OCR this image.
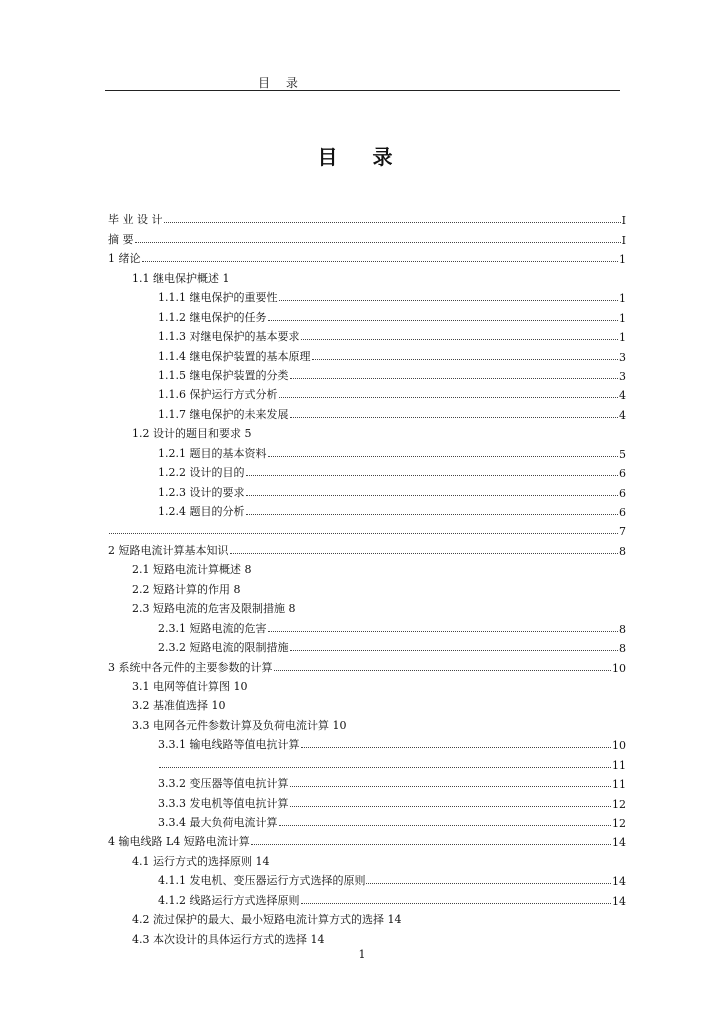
目 录
目 录
毕 业 设 计	I
摘 要	I
1 绪论	1
1.1 继电保护概述 1
1.1.1 继电保护的重要性	1
1.1.2 继电保护的任务	1
1.1.3 对继电保护的基本要求	1
1.1.4 继电保护装置的基本原理	3
1.1.5 继电保护装置的分类	3
1.1.6 保护运行方式分析	4
1.1.7 继电保护的未来发展	4
1.2 设计的题目和要求 5
1.2.1 题目的基本资料	5
1.2.2 设计的目的	6
1.2.3 设计的要求	6
1.2.4 题目的分析	6
7
2 短路电流计算基本知识	8
2.1 短路电流计算概述 8
2.2 短路计算的作用 8
2.3 短路电流的危害及限制措施 8
2.3.1 短路电流的危害	8
2.3.2 短路电流的限制措施	8
3 系统中各元件的主要参数的计算	10
3.1 电网等值计算图 10
3.2 基准值选择 10
3.3 电网各元件参数计算及负荷电流计算 10
3.3.1 输电线路等值电抗计算	10
11
3.3.2 变压器等值电抗计算	11
3.3.3 发电机等值电抗计算	12
3.3.4 最大负荷电流计算	12
4 输电线路 L4 短路电流计算	14
4.1 运行方式的选择原则 14
4.1.1 发电机、变压器运行方式选择的原则	14
4.1.2 线路运行方式选择原则	14
4.2 流过保护的最大、最小短路电流计算方式的选择 14
4.3 本次设计的具体运行方式的选择 14
1
